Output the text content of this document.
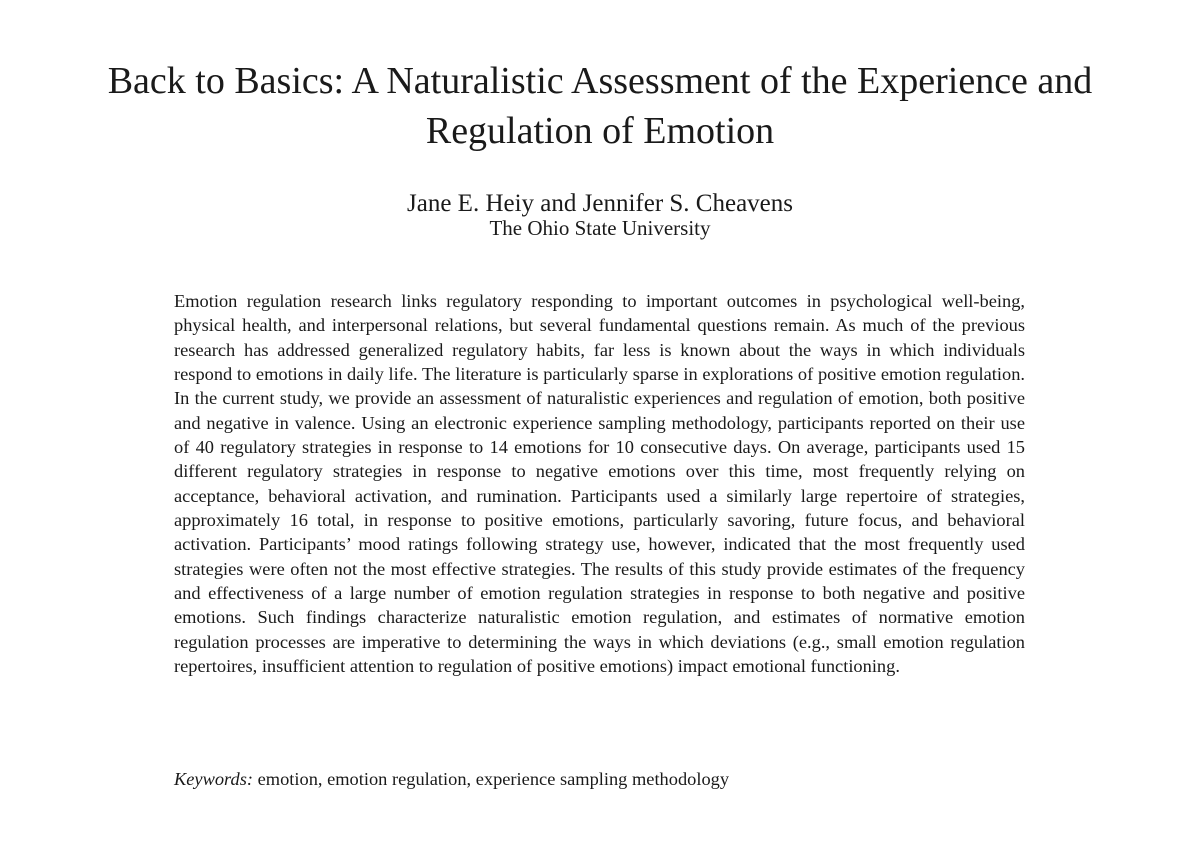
Back to Basics: A Naturalistic Assessment of the Experience and Regulation of Emotion

Jane E. Heiy and Jennifer S. Cheavens

The Ohio State University

Emotion regulation research links regulatory responding to important outcomes in psychological well-being, physical health, and interpersonal relations, but several fundamental questions remain. As much of the previous research has addressed generalized regulatory habits, far less is known about the ways in which individuals respond to emotions in daily life. The literature is particularly sparse in explorations of positive emotion regulation. In the current study, we provide an assessment of naturalistic experiences and regulation of emotion, both positive and negative in valence. Using an electronic experience sampling methodology, participants reported on their use of 40 regulatory strategies in response to 14 emotions for 10 consecutive days. On average, participants used 15 different regulatory strategies in response to negative emotions over this time, most frequently relying on acceptance, behavioral activation, and rumination. Participants used a similarly large repertoire of strategies, approximately 16 total, in response to positive emotions, particularly savoring, future focus, and behavioral activation. Participants’ mood ratings following strategy use, however, indicated that the most frequently used strategies were often not the most effective strategies. The results of this study provide estimates of the frequency and effectiveness of a large number of emotion regulation strategies in response to both negative and positive emotions. Such findings characterize naturalistic emotion regulation, and estimates of normative emotion regulation processes are imperative to determining the ways in which deviations (e.g., small emotion regulation repertoires, insufficient attention to regulation of positive emotions) impact emotional functioning.

Keywords: emotion, emotion regulation, experience sampling methodology
